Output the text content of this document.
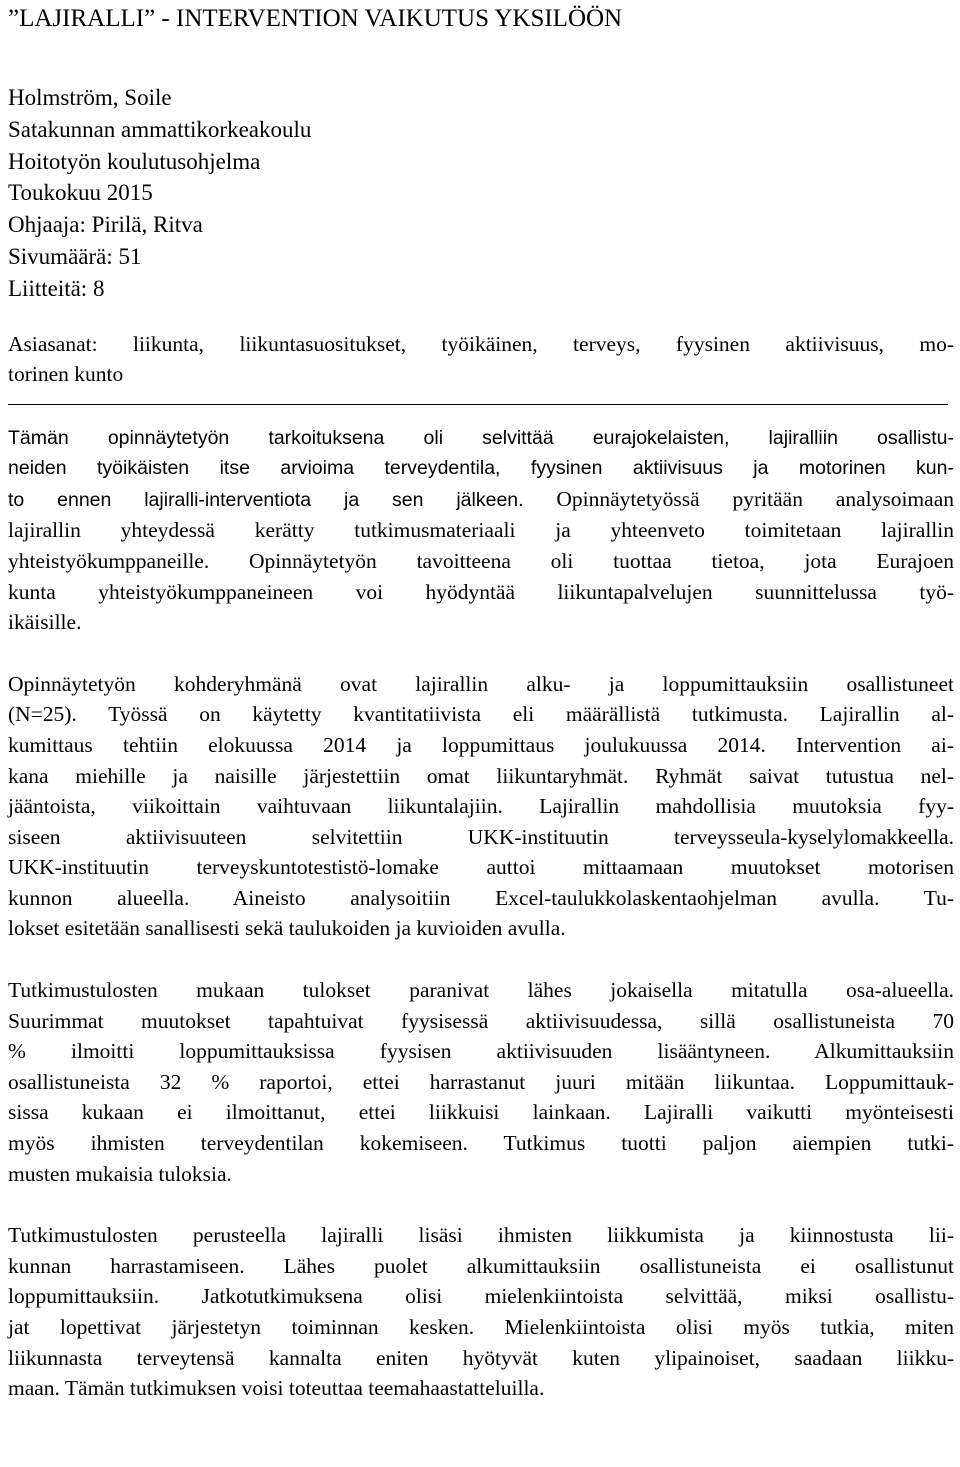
”LAJIRALLI” - INTERVENTION VAIKUTUS YKSILÖÖN
Holmström, Soile
Satakunnan ammattikorkeakoulu
Hoitotyön koulutusohjelma
Toukokuu 2015
Ohjaaja: Pirilä, Ritva
Sivumäärä: 51
Liitteitä: 8
Asiasanat: liikunta, liikuntasuositukset, työikäinen, terveys, fyysinen aktiivisuus, mo-
torinen kunto

Tämän opinnäytetyön tarkoituksena oli selvittää eurajokelaisten, lajiralliin osallistu-
neiden työikäisten itse arvioima terveydentila, fyysinen aktiivisuus ja motorinen kun-
to ennen lajiralli-interventiota ja sen jälkeen. Opinnäytetyössä pyritään analysoimaan
lajirallin yhteydessä kerätty tutkimusmateriaali ja yhteenveto toimitetaan lajirallin
yhteistyökumppaneille. Opinnäytetyön tavoitteena oli tuottaa tietoa, jota Eurajoen
kunta yhteistyökumppaneineen voi hyödyntää liikuntapalvelujen suunnittelussa työ-
ikäisille.

Opinnäytetyön kohderyhmänä ovat lajirallin alku- ja loppumittauksiin osallistuneet
(N=25). Työssä on käytetty kvantitatiivista eli määrällistä tutkimusta. Lajirallin al-
kumittaus tehtiin elokuussa 2014 ja loppumittaus joulukuussa 2014. Intervention ai-
kana miehille ja naisille järjestettiin omat liikuntaryhmät. Ryhmät saivat tutustua nel-
jääntoista, viikoittain vaihtuvaan liikuntalajiin. Lajirallin mahdollisia muutoksia fyy-
siseen aktiivisuuteen selvitettiin UKK-instituutin terveysseula-kyselylomakkeella.
UKK-instituutin terveyskuntotestistö-lomake auttoi mittaamaan muutokset motorisen
kunnon alueella. Aineisto analysoitiin Excel-taulukkolaskentaohjelman avulla. Tu-
lokset esitetään sanallisesti sekä taulukoiden ja kuvioiden avulla.

Tutkimustulosten mukaan tulokset paranivat lähes jokaisella mitatulla osa-alueella.
Suurimmat muutokset tapahtuivat fyysisessä aktiivisuudessa, sillä osallistuneista 70
% ilmoitti loppumittauksissa fyysisen aktiivisuuden lisääntyneen. Alkumittauksiin
osallistuneista 32 % raportoi, ettei harrastanut juuri mitään liikuntaa. Loppumittauk-
sissa kukaan ei ilmoittanut, ettei liikkuisi lainkaan. Lajiralli vaikutti myönteisesti
myös ihmisten terveydentilan kokemiseen. Tutkimus tuotti paljon aiempien tutki-
musten mukaisia tuloksia.

Tutkimustulosten perusteella lajiralli lisäsi ihmisten liikkumista ja kiinnostusta lii-
kunnan harrastamiseen. Lähes puolet alkumittauksiin osallistuneista ei osallistunut
loppumittauksiin. Jatkotutkimuksena olisi mielenkiintoista selvittää, miksi osallistu-
jat lopettivat järjestetyn toiminnan kesken. Mielenkiintoista olisi myös tutkia, miten
liikunnasta terveytensä kannalta eniten hyötyvät kuten ylipainoiset, saadaan liikku-
maan. Tämän tutkimuksen voisi toteuttaa teemahaastatteluilla.
